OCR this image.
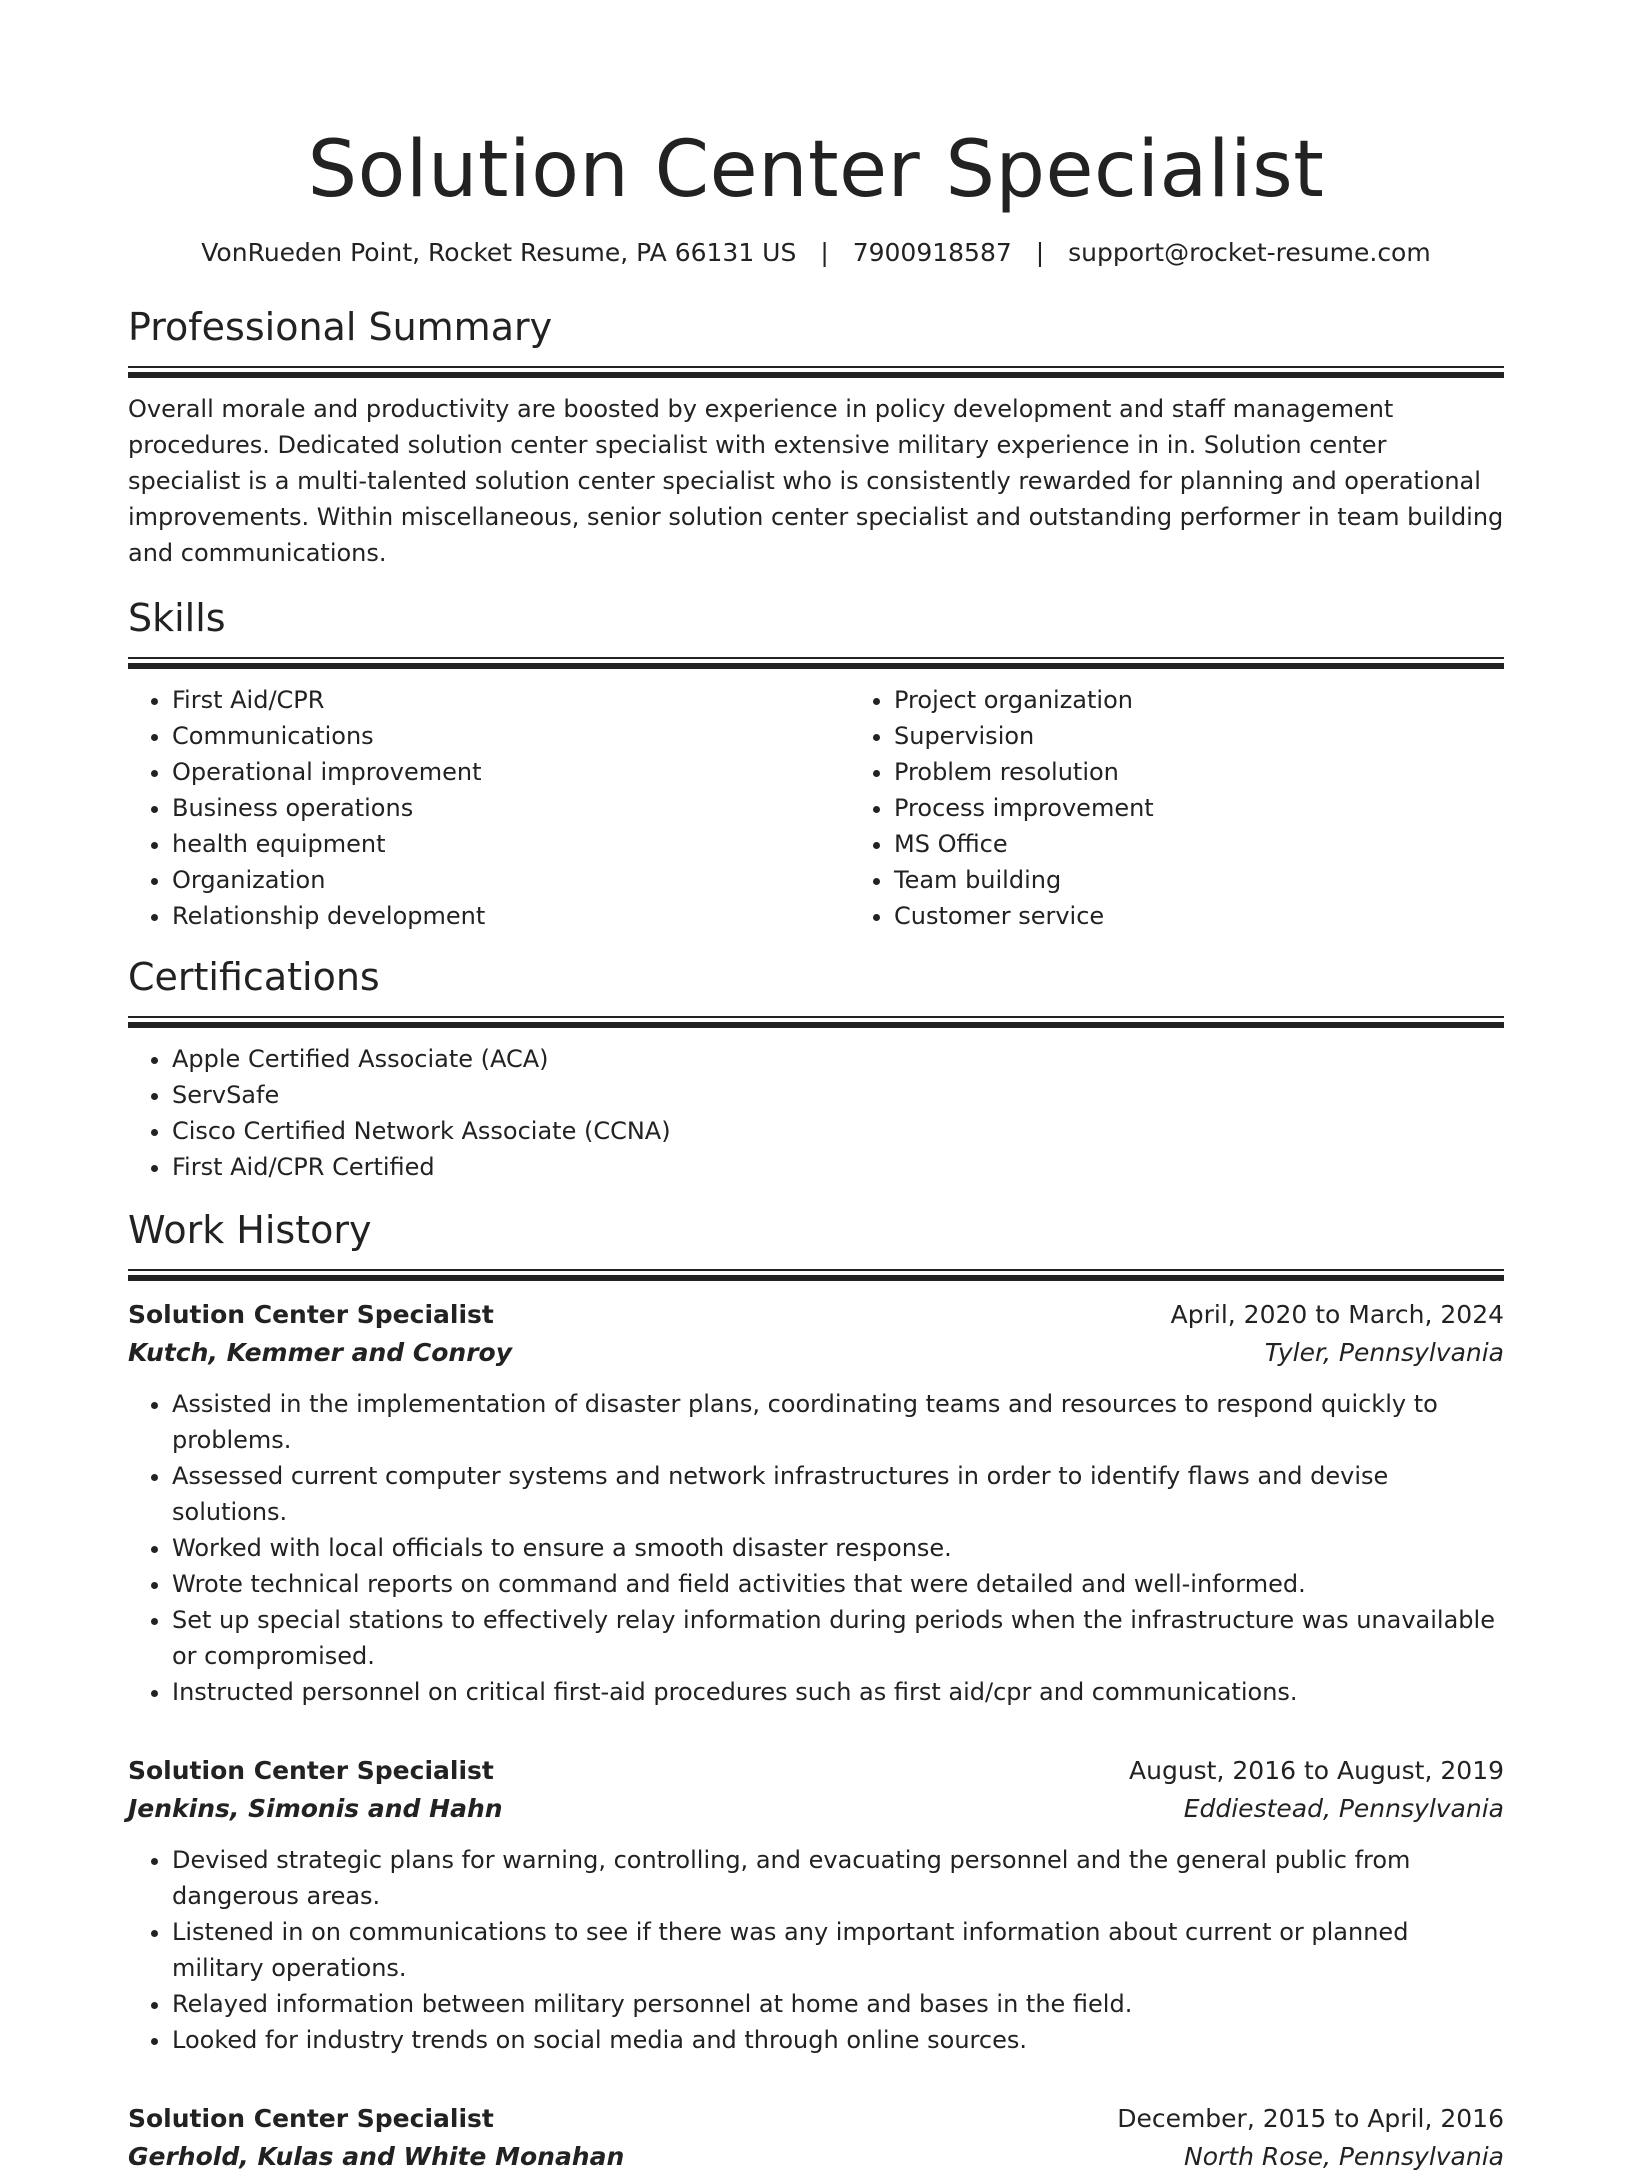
Solution Center Specialist
VonRueden Point, Rocket Resume, PA 66131 US | 7900918587 | support@rocket-resume.com
Professional Summary

Overall morale and productivity are boosted by experience in policy development and staff management procedures. Dedicated solution center specialist with extensive military experience in in. Solution center specialist is a multi-talented solution center specialist who is consistently rewarded for planning and operational improvements. Within miscellaneous, senior solution center specialist and outstanding performer in team building and communications.

Skills
• First Aid/CPR
• Communications
• Operational improvement
• Business operations
• health equipment
• Organization
• Relationship development
• Project organization
• Supervision
• Problem resolution
• Process improvement
• MS Office
• Team building
• Customer service
Certifications
• Apple Certified Associate (ACA)
• ServSafe
• Cisco Certified Network Associate (CCNA)
• First Aid/CPR Certified
Work History
Solution Center Specialist	April, 2020 to March, 2024
Kutch, Kemmer and Conroy	Tyler, Pennsylvania
• Assisted in the implementation of disaster plans, coordinating teams and resources to respond quickly to problems.
• Assessed current computer systems and network infrastructures in order to identify flaws and devise solutions.
• Worked with local officials to ensure a smooth disaster response.
• Wrote technical reports on command and field activities that were detailed and well-informed.
• Set up special stations to effectively relay information during periods when the infrastructure was unavailable or compromised.
• Instructed personnel on critical first-aid procedures such as first aid/cpr and communications.
Solution Center Specialist	August, 2016 to August, 2019
Jenkins, Simonis and Hahn	Eddiestead, Pennsylvania
• Devised strategic plans for warning, controlling, and evacuating personnel and the general public from dangerous areas.
• Listened in on communications to see if there was any important information about current or planned military operations.
• Relayed information between military personnel at home and bases in the field.
• Looked for industry trends on social media and through online sources.
Solution Center Specialist	December, 2015 to April, 2016
Gerhold, Kulas and White Monahan	North Rose, Pennsylvania
